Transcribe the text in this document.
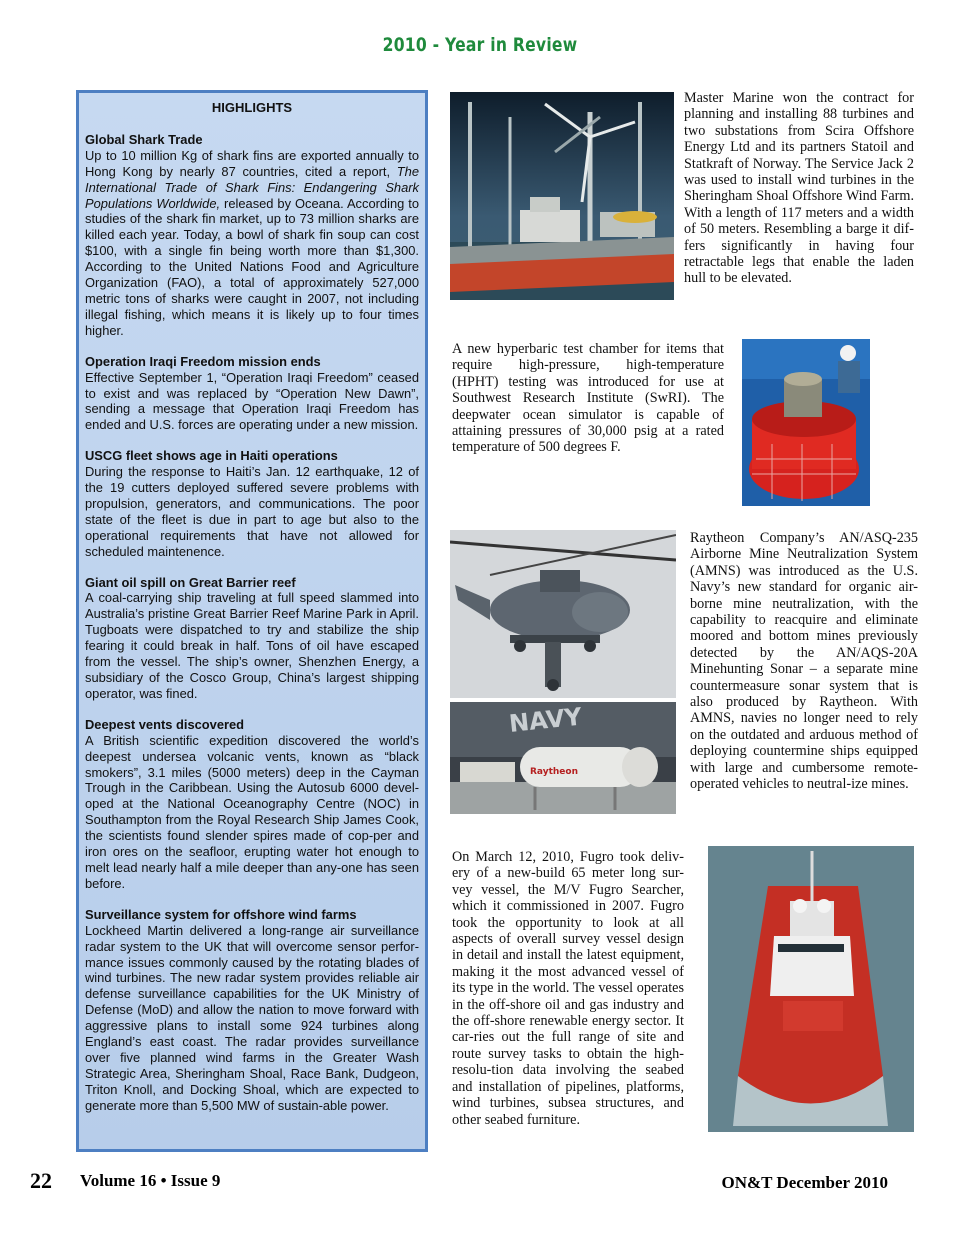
2010 - Year in Review
HIGHLIGHTS
Global Shark Trade
Up to 10 million Kg of shark fins are exported annually to Hong Kong by nearly 87 countries, cited a report, The International Trade of Shark Fins: Endangering Shark Populations Worldwide, released by Oceana. According to studies of the shark fin market, up to 73 million sharks are killed each year. Today, a bowl of shark fin soup can cost $100, with a single fin being worth more than $1,300. According to the United Nations Food and Agriculture Organization (FAO), a total of approximately 527,000 metric tons of sharks were caught in 2007, not including illegal fishing, which means it is likely up to four times higher.
Operation Iraqi Freedom mission ends
Effective September 1, “Operation Iraqi Freedom” ceased to exist and was replaced by “Operation New Dawn”, sending a message that Operation Iraqi Freedom has ended and U.S. forces are operating under a new mission.
USCG fleet shows age in Haiti operations
During the response to Haiti’s Jan. 12 earthquake, 12 of the 19 cutters deployed suffered severe problems with propulsion, generators, and communications. The poor state of the fleet is due in part to age but also to the operational requirements that have not allowed for scheduled maintenence.
Giant oil spill on Great Barrier reef
A coal-carrying ship traveling at full speed slammed into Australia’s pristine Great Barrier Reef Marine Park in April. Tugboats were dispatched to try and stabilize the ship fearing it could break in half. Tons of oil have escaped from the vessel. The ship’s owner, Shenzhen Energy, a subsidiary of the Cosco Group, China’s largest shipping operator, was fined.
Deepest vents discovered
A British scientific expedition discovered the world’s deepest undersea volcanic vents, known as “black smokers”, 3.1 miles (5000 meters) deep in the Cayman Trough in the Caribbean. Using the Autosub 6000 devel-oped at the National Oceanography Centre (NOC) in Southampton from the Royal Research Ship James Cook, the scientists found slender spires made of cop-per and iron ores on the seafloor, erupting water hot enough to melt lead nearly half a mile deeper than any-one has seen before.
Surveillance system for offshore wind farms
Lockheed Martin delivered a long-range air surveillance radar system to the UK that will overcome sensor perfor-mance issues commonly caused by the rotating blades of wind turbines. The new radar system provides reliable air defense surveillance capabilities for the UK Ministry of Defense (MoD) and allow the nation to move forward with aggressive plans to install some 924 turbines along England’s east coast. The radar provides surveillance over five planned wind farms in the Greater Wash Strategic Area, Sheringham Shoal, Race Bank, Dudgeon, Triton Knoll, and Docking Shoal, which are expected to generate more than 5,500 MW of sustain-able power.
Master Marine won the contract for planning and installing 88 turbines and two substations from Scira Offshore Energy Ltd and its partners Statoil and Statkraft of Norway. The Service Jack 2 was used to install wind turbines in the Sheringham Shoal Offshore Wind Farm. With a length of 117 meters and a width of 50 meters. Resembling a barge it dif-fers significantly in having four retractable legs that enable the laden hull to be elevated.
A new hyperbaric test chamber for items that require high-pressure, high-temperature (HPHT) testing was introduced for use at Southwest Research Institute (SwRI). The deepwater ocean simulator is capable of attaining pressures of 30,000 psig at a rated temperature of 500 degrees F.
NAVY
Raytheon
Raytheon Company’s AN/ASQ-235 Airborne Mine Neutralization System (AMNS) was introduced as the U.S. Navy’s new standard for organic air-borne mine neutralization, with the capability to reacquire and eliminate moored and bottom mines previously detected by the AN/AQS-20A Minehunting Sonar – a separate mine countermeasure sonar system that is also produced by Raytheon. With AMNS, navies no longer need to rely on the outdated and arduous method of deploying countermine ships equipped with large and cumbersome remote-operated vehicles to neutral-ize mines.
On March 12, 2010, Fugro took deliv-ery of a new-build 65 meter long sur-vey vessel, the M/V Fugro Searcher, which it commissioned in 2007. Fugro took the opportunity to look at all aspects of overall survey vessel design in detail and install the latest equipment, making it the most advanced vessel of its type in the world. The vessel operates in the off-shore oil and gas industry and the off-shore renewable energy sector. It car-ries out the full range of site and route survey tasks to obtain the high-resolu-tion data involving the seabed and installation of pipelines, platforms, wind turbines, subsea structures, and other seabed furniture.
22 Volume 16 • Issue 9	ON&T December 2010
